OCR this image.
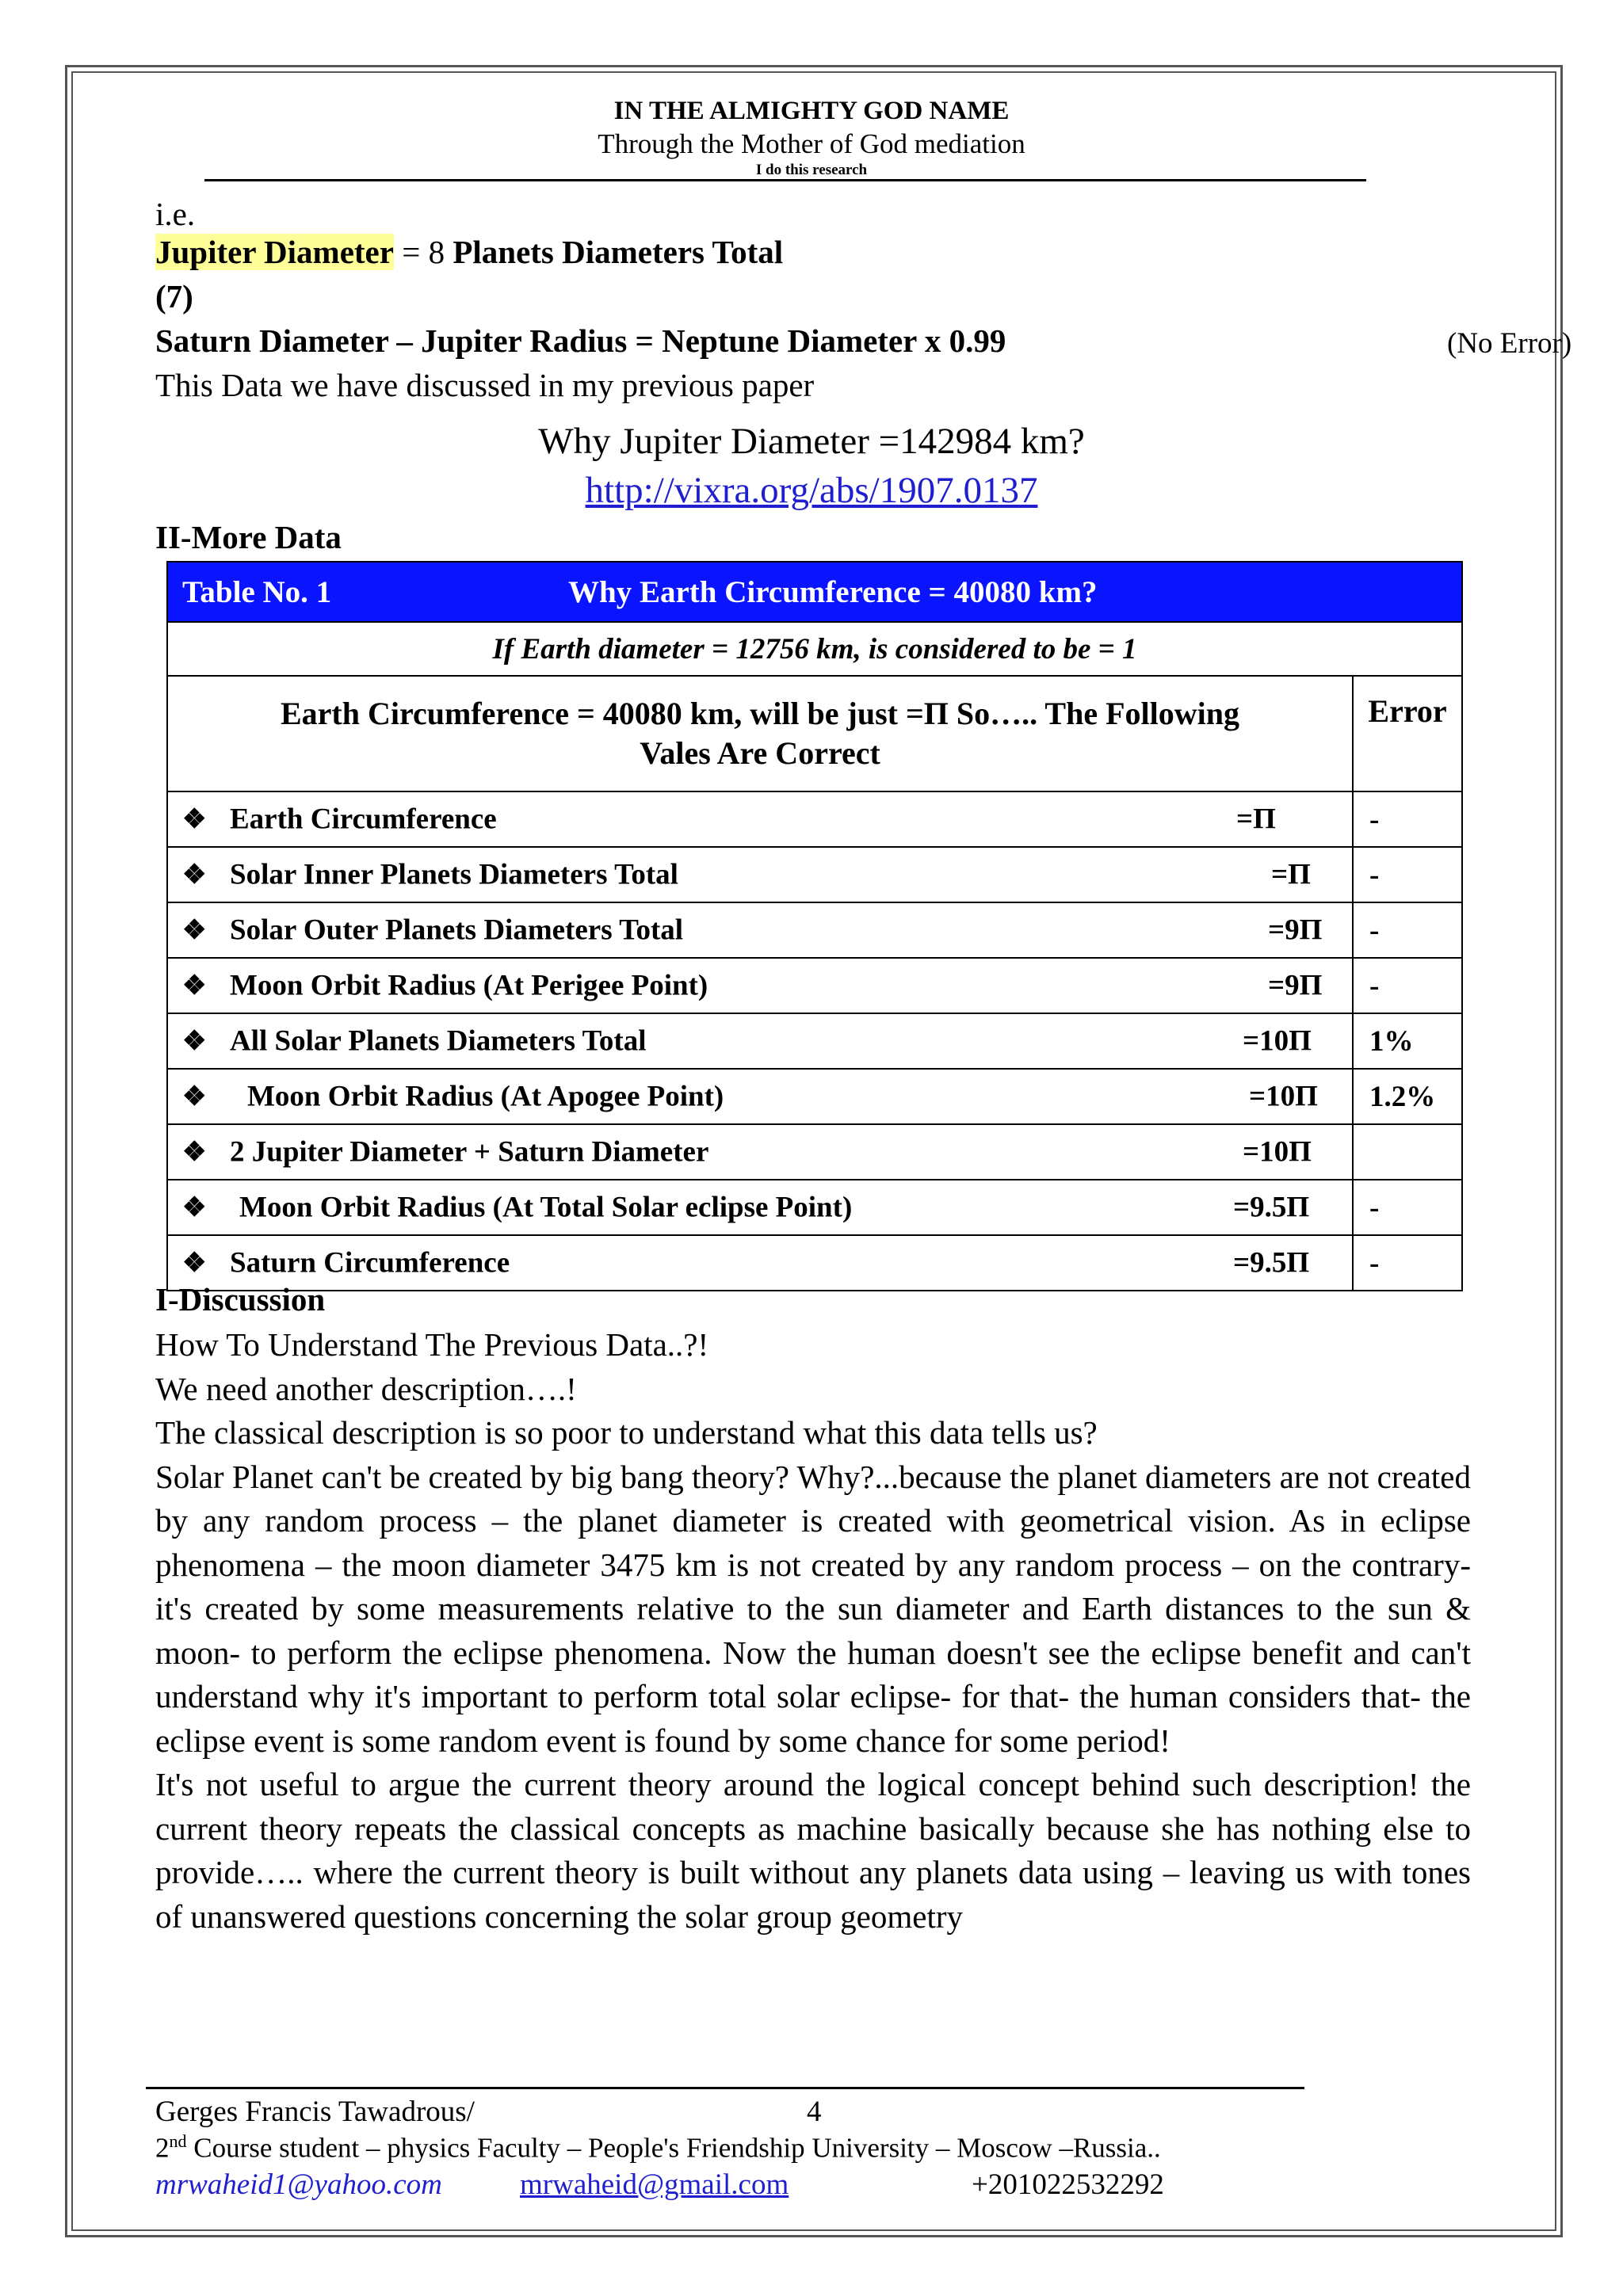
IN THE ALMIGHTY GOD NAME
Through the Mother of God mediation
I do this research
i.e.
Jupiter Diameter = 8 Planets Diameters Total
(7)
Saturn Diameter – Jupiter Radius = Neptune Diameter x 0.99	(No Error)
This Data we have discussed in my previous paper
Why Jupiter Diameter =142984 km?
http://vixra.org/abs/1907.0137
II-More Data
Table No. 1 Why Earth Circumference = 40080 km?	
If Earth diameter = 12756 km, is considered to be = 1	

Earth Circumference = 40080 km, will be just =Π So….. The Following
Vales Are Correct	Error

❖ Earth Circumference =Π	-

❖ Solar Inner Planets Diameters Total =Π	-

❖ Solar Outer Planets Diameters Total =9Π	-

❖ Moon Orbit Radius (At Perigee Point) =9Π	-

❖ All Solar Planets Diameters Total =10Π	1%

❖ Moon Orbit Radius (At Apogee Point) =10Π	1.2%

❖ 2 Jupiter Diameter + Saturn Diameter =10Π	

❖ Moon Orbit Radius (At Total Solar eclipse Point) =9.5Π	-

❖ Saturn Circumference =9.5Π	-
I-Discussion

How To Understand The Previous Data..?!

We need another description….!

The classical description is so poor to understand what this data tells us?

Solar Planet can't be created by big bang theory? Why?...because the planet diameters are not created by any random process – the planet diameter is created with geometrical vision. As in eclipse phenomena – the moon diameter 3475 km is not created by any random process – on the contrary- it's created by some measurements relative to the sun diameter and Earth distances to the sun & moon- to perform the eclipse phenomena. Now the human doesn't see the eclipse benefit and can't understand why it's important to perform total solar eclipse- for that- the human considers that- the eclipse event is some random event is found by some chance for some period!

It's not useful to argue the current theory around the logical concept behind such description! the current theory repeats the classical concepts as machine basically because she has nothing else to provide….. where the current theory is built without any planets data using – leaving us with tones of unanswered questions concerning the solar group geometry

Gerges Francis Tawadrous/	4
2nd Course student – physics Faculty – People's Friendship University – Moscow –Russia..
mrwaheid1@yahoo.com	mrwaheid@gmail.com	+201022532292
